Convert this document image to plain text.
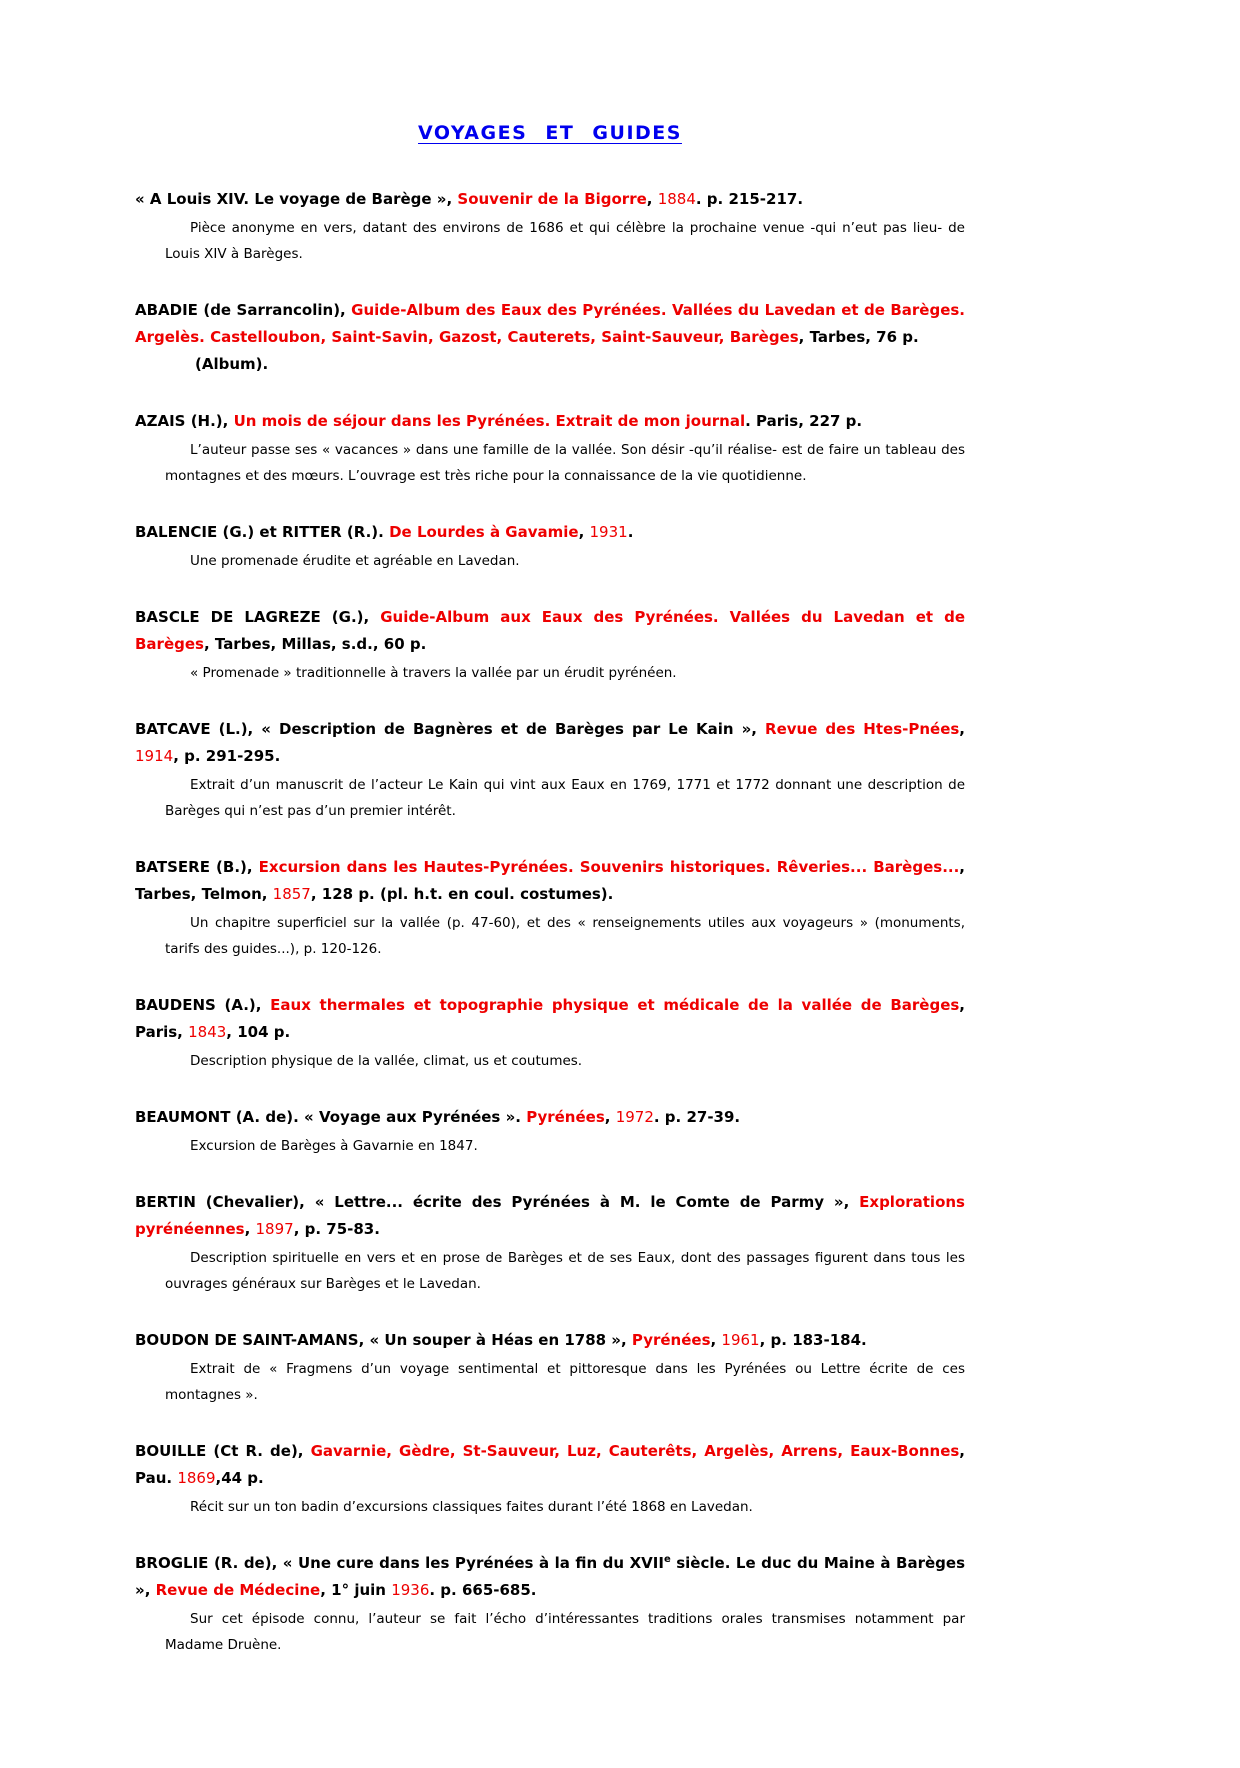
VOYAGES ET GUIDES

« A Louis XIV. Le voyage de Barège », Souvenir de la Bigorre, 1884. p. 215-217.

Pièce anonyme en vers, datant des environs de 1686 et qui célèbre la prochaine venue -qui n’eut pas lieu- de Louis XIV à Barèges.

ABADIE (de Sarrancolin), Guide-Album des Eaux des Pyrénées. Vallées du Lavedan et de Barèges. Argelès. Castelloubon, Saint-Savin, Gazost, Cauterets, Saint-Sauveur, Barèges, Tarbes, 76 p.
(Album).

AZAIS (H.), Un mois de séjour dans les Pyrénées. Extrait de mon journal. Paris, 227 p.

L’auteur passe ses « vacances » dans une famille de la vallée. Son désir -qu’il réalise- est de faire un tableau des montagnes et des mœurs. L’ouvrage est très riche pour la connaissance de la vie quotidienne.

BALENCIE (G.) et RITTER (R.). De Lourdes à Gavamie, 1931.

Une promenade érudite et agréable en Lavedan.

BASCLE DE LAGREZE (G.), Guide-Album aux Eaux des Pyrénées. Vallées du Lavedan et de Barèges, Tarbes, Millas, s.d., 60 p.

« Promenade » traditionnelle à travers la vallée par un érudit pyrénéen.

BATCAVE (L.), « Description de Bagnères et de Barèges par Le Kain », Revue des Htes-Pnées, 1914, p. 291-295.

Extrait d’un manuscrit de l’acteur Le Kain qui vint aux Eaux en 1769, 1771 et 1772 donnant une description de Barèges qui n’est pas d’un premier intérêt.

BATSERE (B.), Excursion dans les Hautes-Pyrénées. Souvenirs historiques. Rêveries... Barèges..., Tarbes, Telmon, 1857, 128 p. (pl. h.t. en coul. costumes).

Un chapitre superficiel sur la vallée (p. 47-60), et des « renseignements utiles aux voyageurs » (monuments, tarifs des guides...), p. 120-126.

BAUDENS (A.), Eaux thermales et topographie physique et médicale de la vallée de Barèges, Paris, 1843, 104 p.

Description physique de la vallée, climat, us et coutumes.

BEAUMONT (A. de). « Voyage aux Pyrénées ». Pyrénées, 1972. p. 27-39.

Excursion de Barèges à Gavarnie en 1847.

BERTIN (Chevalier), « Lettre... écrite des Pyrénées à M. le Comte de Parmy », Explorations pyrénéennes, 1897, p. 75-83.

Description spirituelle en vers et en prose de Barèges et de ses Eaux, dont des passages figurent dans tous les ouvrages généraux sur Barèges et le Lavedan.

BOUDON DE SAINT-AMANS, « Un souper à Héas en 1788 », Pyrénées, 1961, p. 183-184.

Extrait de « Fragmens d’un voyage sentimental et pittoresque dans les Pyrénées ou Lettre écrite de ces montagnes ».

BOUILLE (Ct R. de), Gavarnie, Gèdre, St-Sauveur, Luz, Cauterêts, Argelès, Arrens, Eaux-Bonnes, Pau. 1869,44 p.

Récit sur un ton badin d’excursions classiques faites durant l’été 1868 en Lavedan.

BROGLIE (R. de), « Une cure dans les Pyrénées à la fin du XVIIe siècle. Le duc du Maine à Barèges », Revue de Médecine, 1° juin 1936. p. 665-685.

Sur cet épisode connu, l’auteur se fait l’écho d’intéressantes traditions orales transmises notamment par Madame Druène.
